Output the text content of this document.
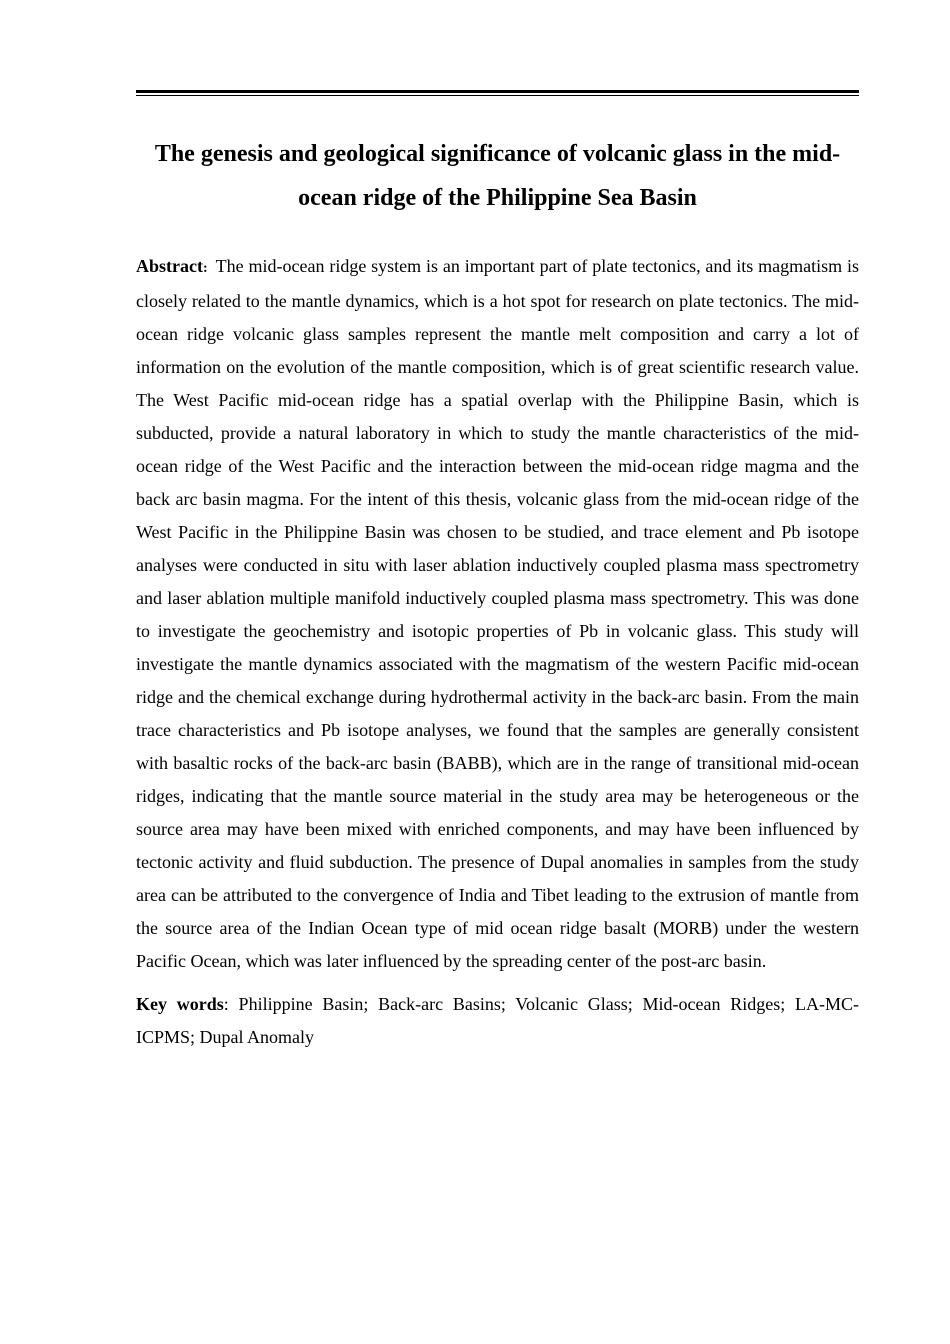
The genesis and geological significance of volcanic glass in the mid-ocean ridge of the Philippine Sea Basin

Abstract: The mid-ocean ridge system is an important part of plate tectonics, and its magmatism is closely related to the mantle dynamics, which is a hot spot for research on plate tectonics. The mid-ocean ridge volcanic glass samples represent the mantle melt composition and carry a lot of information on the evolution of the mantle composition, which is of great scientific research value. The West Pacific mid-ocean ridge has a spatial overlap with the Philippine Basin, which is subducted, provide a natural laboratory in which to study the mantle characteristics of the mid-ocean ridge of the West Pacific and the interaction between the mid-ocean ridge magma and the back arc basin magma. For the intent of this thesis, volcanic glass from the mid-ocean ridge of the West Pacific in the Philippine Basin was chosen to be studied, and trace element and Pb isotope analyses were conducted in situ with laser ablation inductively coupled plasma mass spectrometry and laser ablation multiple manifold inductively coupled plasma mass spectrometry. This was done to investigate the geochemistry and isotopic properties of Pb in volcanic glass. This study will investigate the mantle dynamics associated with the magmatism of the western Pacific mid-ocean ridge and the chemical exchange during hydrothermal activity in the back-arc basin. From the main trace characteristics and Pb isotope analyses, we found that the samples are generally consistent with basaltic rocks of the back-arc basin (BABB), which are in the range of transitional mid-ocean ridges, indicating that the mantle source material in the study area may be heterogeneous or the source area may have been mixed with enriched components, and may have been influenced by tectonic activity and fluid subduction. The presence of Dupal anomalies in samples from the study area can be attributed to the convergence of India and Tibet leading to the extrusion of mantle from the source area of the Indian Ocean type of mid ocean ridge basalt (MORB) under the western Pacific Ocean, which was later influenced by the spreading center of the post-arc basin.

Key words: Philippine Basin; Back-arc Basins; Volcanic Glass; Mid-ocean Ridges; LA-MC-ICPMS; Dupal Anomaly
